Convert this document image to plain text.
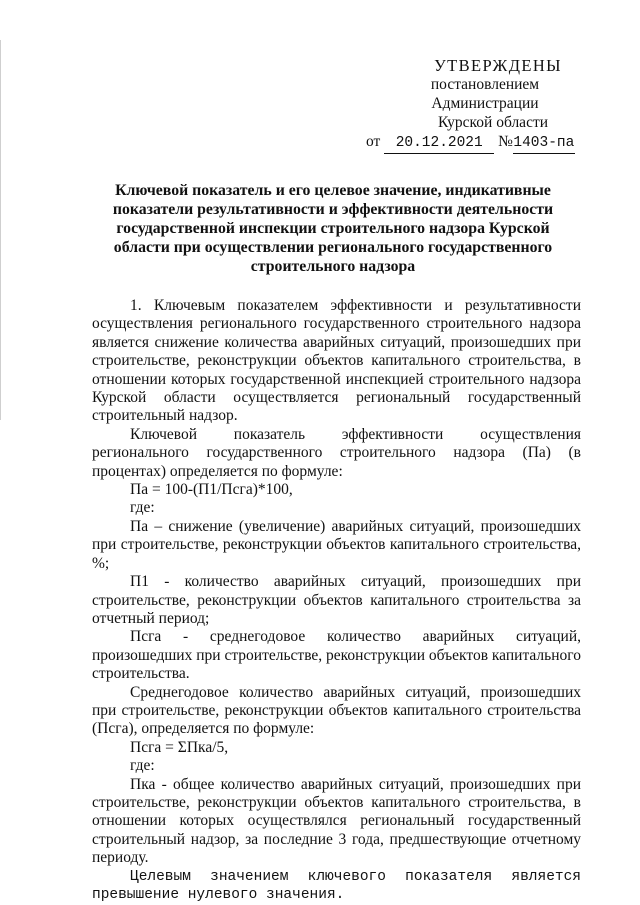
УТВЕРЖДЕНЫ
постановлением Администрации
Курской области
от 20.12.2021 №1403-па
Ключевой показатель и его целевое значение, индикативные показатели результативности и эффективности деятельности государственной инспекции строительного надзора Курской области при осуществлении регионального государственного строительного надзора

1. Ключевым показателем эффективности и результативности осуществления регионального государственного строительного надзора является снижение количества аварийных ситуаций, произошедших при строительстве, реконструкции объектов капитального строительства, в отношении которых государственной инспекцией строительного надзора Курской области осуществляется региональный государственный строительный надзор.

Ключевой показатель эффективности осуществления регионального государственного строительного надзора (Па) (в процентах) определяется по формуле:

Па = 100-(П1/Псга)*100,

где:

Па – снижение (увеличение) аварийных ситуаций, произошедших при строительстве, реконструкции объектов капитального строительства, %;

П1 - количество аварийных ситуаций, произошедших при строительстве, реконструкции объектов капитального строительства за отчетный период;

Псга - среднегодовое количество аварийных ситуаций, произошедших при строительстве, реконструкции объектов капитального строительства.

Среднегодовое количество аварийных ситуаций, произошедших при строительстве, реконструкции объектов капитального строительства (Псга), определяется по формуле:

Псга = ΣПка/5,

где:

Пка - общее количество аварийных ситуаций, произошедших при строительстве, реконструкции объектов капитального строительства, в отношении которых осуществлялся региональный государственный строительный надзор, за последние 3 года, предшествующие отчетному периоду.

Целевым значением ключевого показателя является превышение нулевого значения.
